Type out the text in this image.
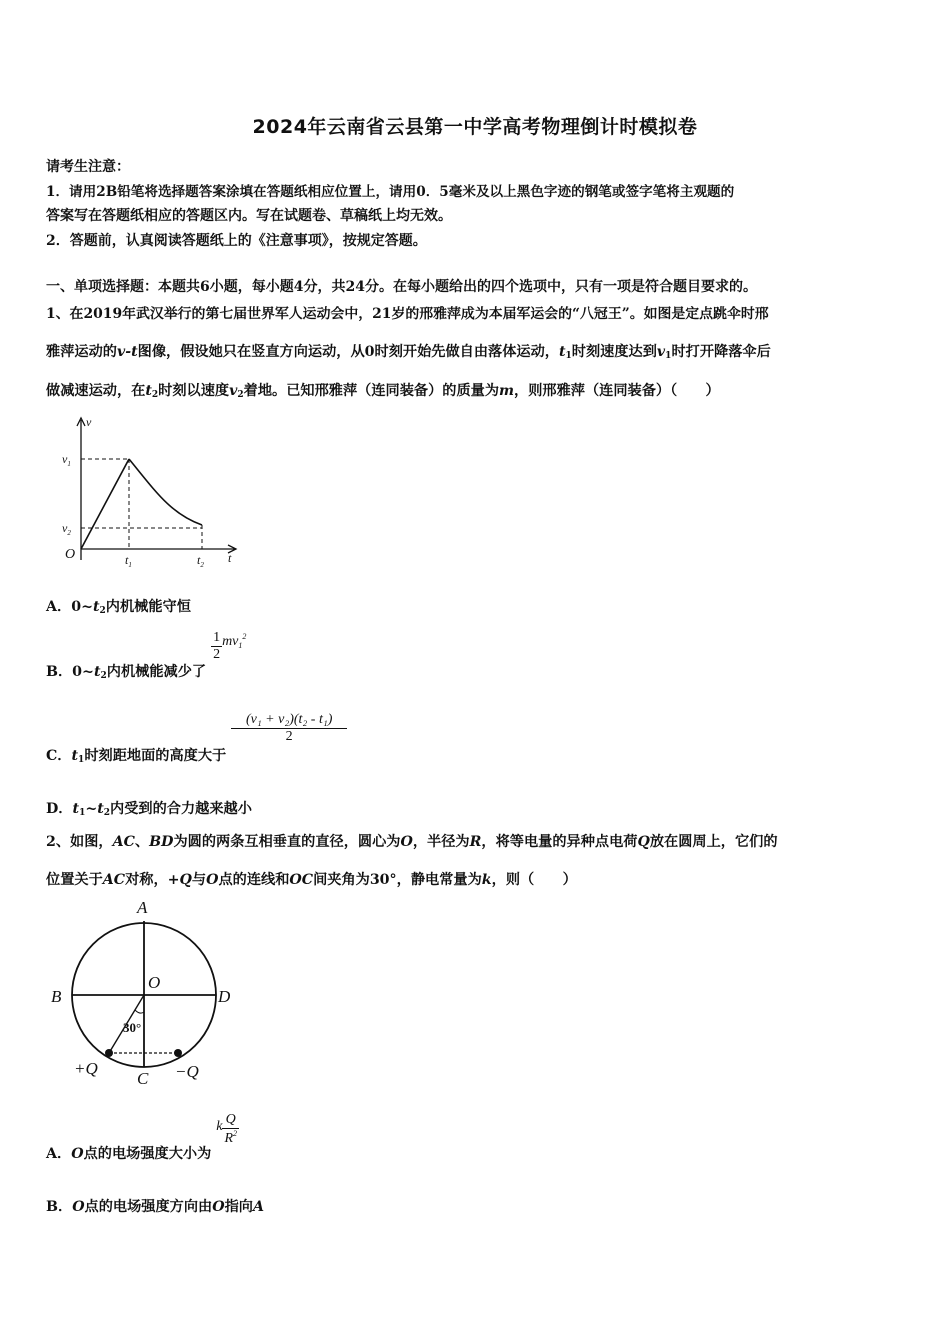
2024年云南省云县第一中学高考物理倒计时模拟卷
请考生注意：
1．请用2B铅笔将选择题答案涂填在答题纸相应位置上，请用0．5毫米及以上黑色字迹的钢笔或签字笔将主观题的
答案写在答题纸相应的答题区内。写在试题卷、草稿纸上均无效。
2．答题前，认真阅读答题纸上的《注意事项》，按规定答题。
一、单项选择题：本题共6小题，每小题4分，共24分。在每小题给出的四个选项中，只有一项是符合题目要求的。
1、在2019年武汉举行的第七届世界军人运动会中，21岁的邢雅萍成为本届军运会的“八冠王”。如图是定点跳伞时邢
雅萍运动的v-t图像，假设她只在竖直方向运动，从0时刻开始先做自由落体运动，$t_1$时刻速度达到$v_1$时打开降落伞后
做减速运动，在$t_2$时刻以速度$v_2$着地。已知邢雅萍（连同装备）的质量为m，则邢雅萍（连同装备）（　　）
v
$v_1$
$v_2$
O	$t_1$	$t_2$ t
A．$0\sim t_2$内机械能守恒
B．$0\sim t_2$内机械能减少了
$\frac{1}{2} mv_1^2$
C．$t_1$时刻距地面的高度大于
$\frac{\text{(v₁ + v₂)(t₂ - t₁)}}{2}$
D．$t_1\sim t_2$内受到的合力越来越小
2、如图，AC、BD为圆的两条互相垂直的直径，圆心为O，半径为R，将等电量的异种点电荷Q放在圆周上，它们的
位置关于AC对称，+Q与O点的连线和OC间夹角为30°，静电常量为k，则（　　）
A
B
O
D
C
+Q	−Q
30°
A．O点的电场强度大小为 k $\frac{Q}{R^2}$
B．O点的电场强度方向由O指向A
